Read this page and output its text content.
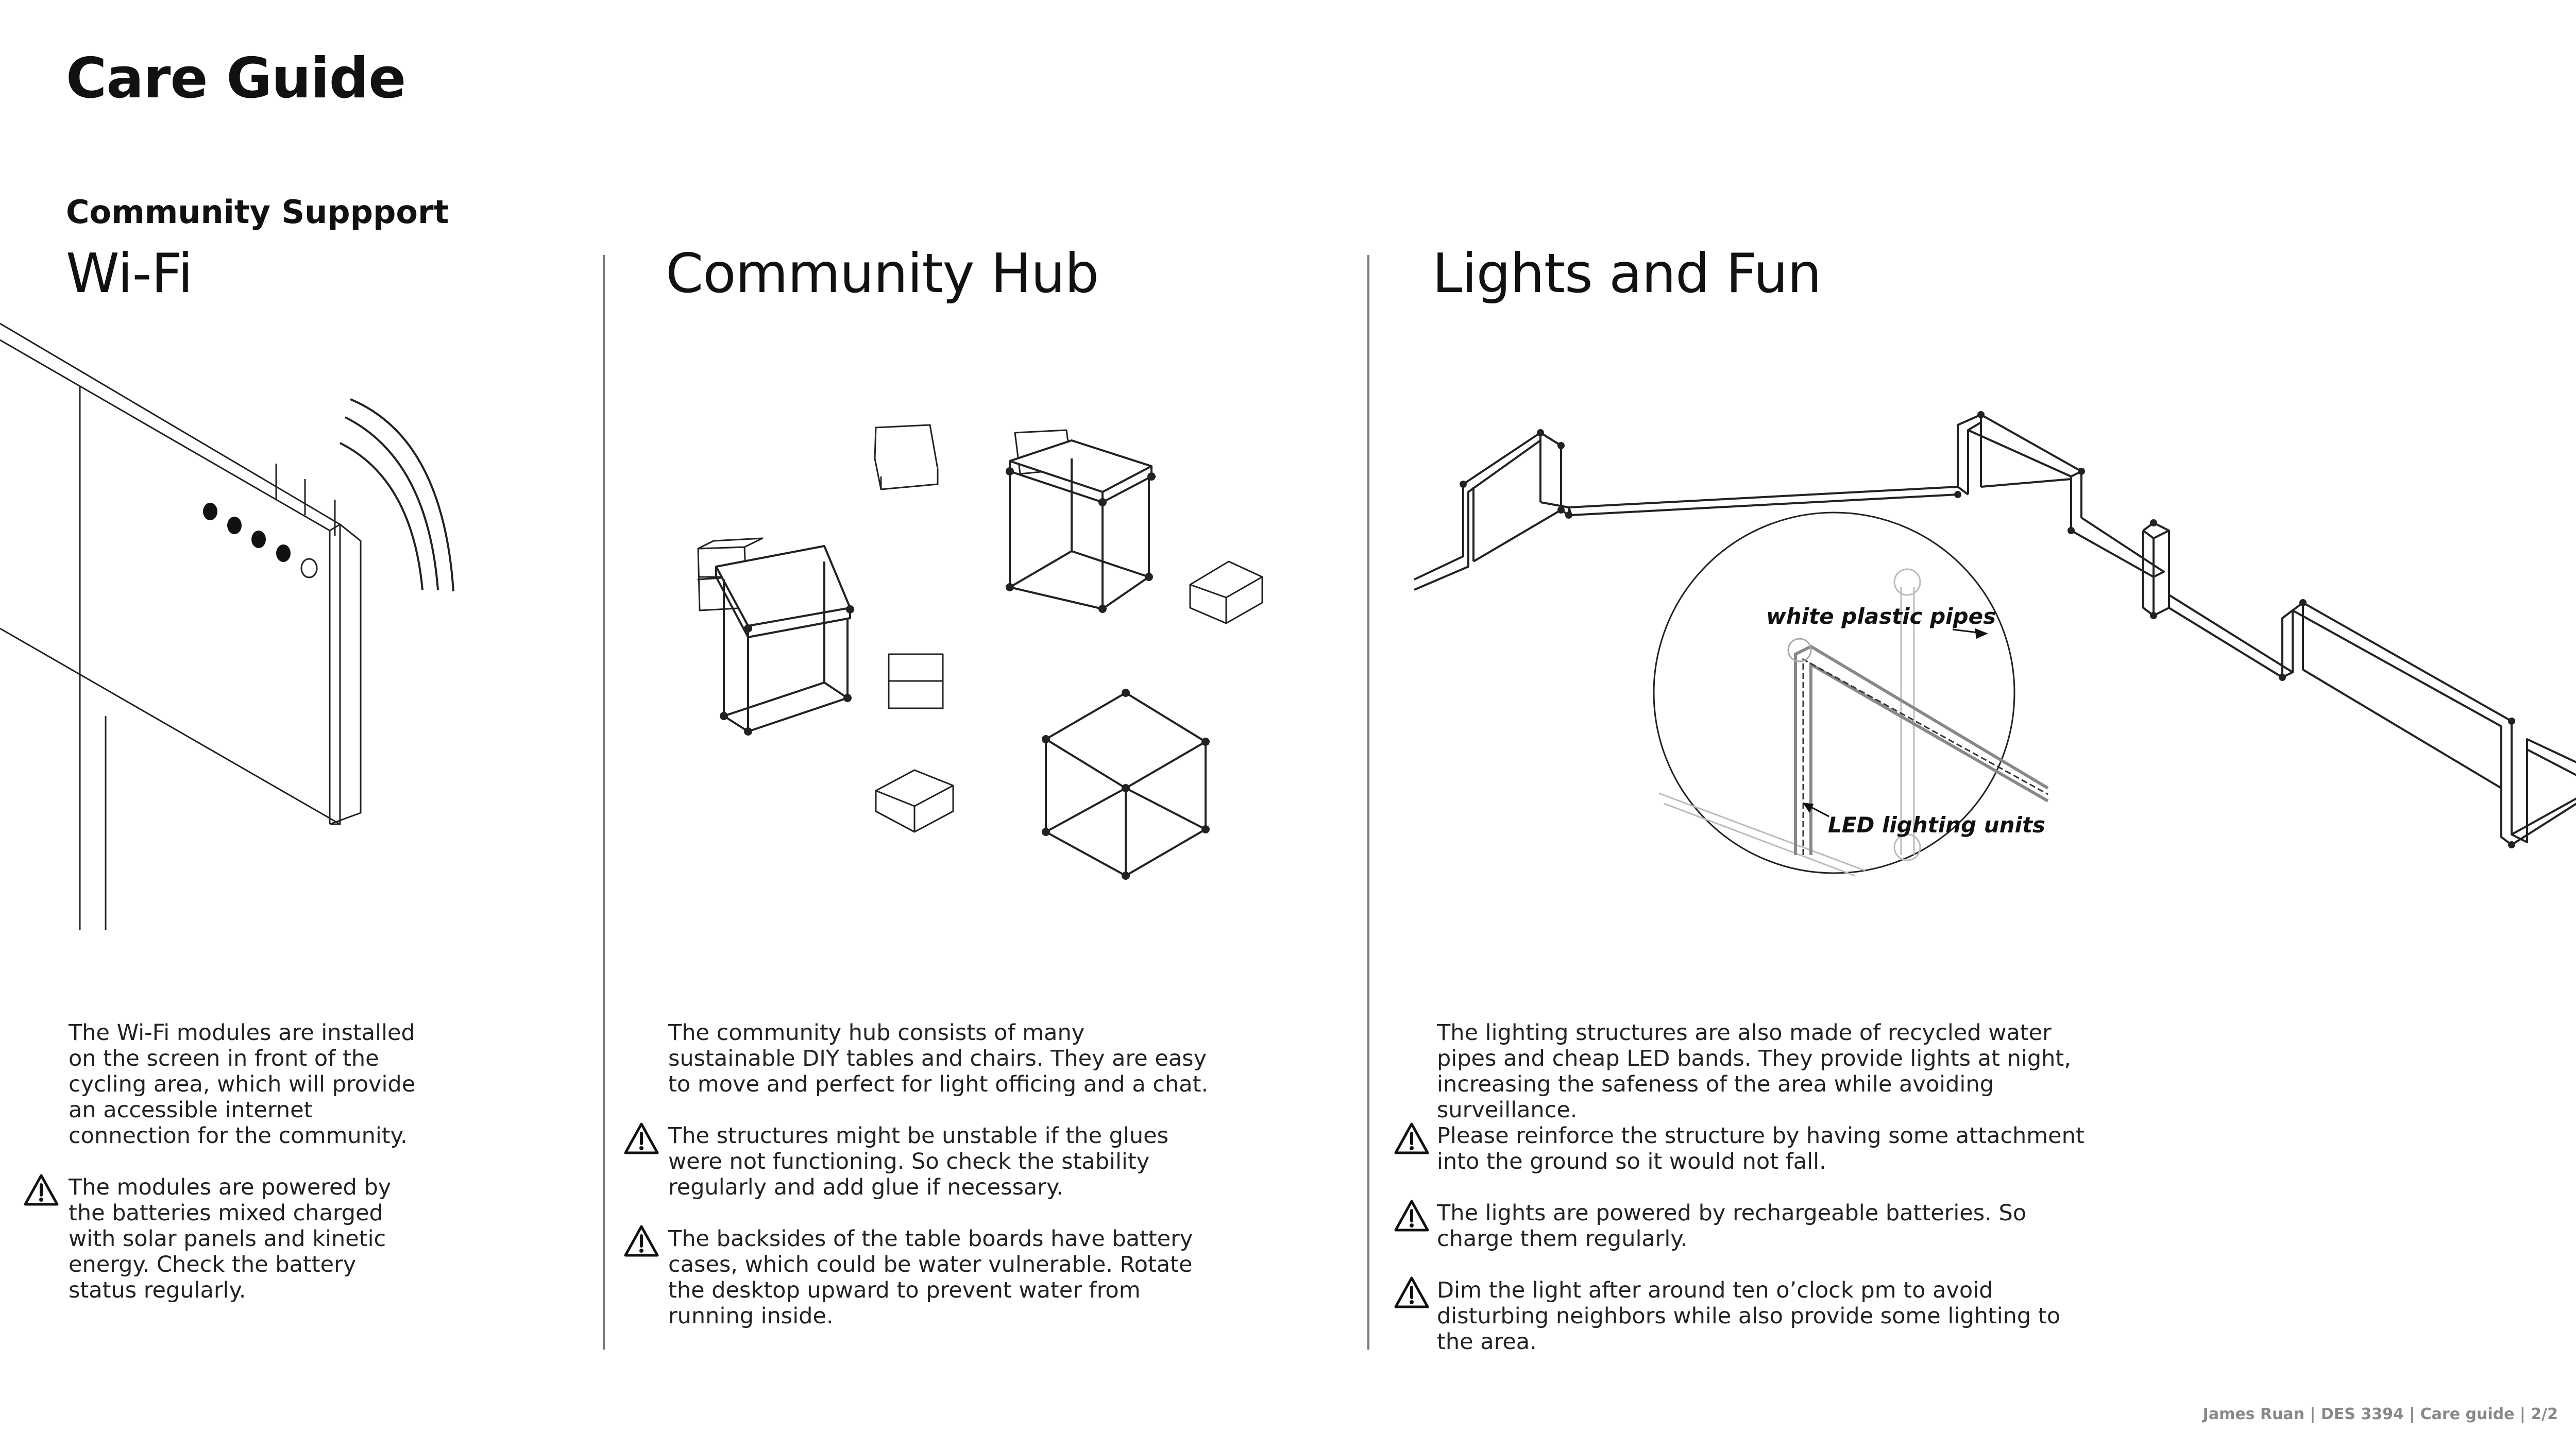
Care Guide
Community Suppport
Wi-Fi	Community Hub	Lights and Fun
white plastic pipes
LED lighting units

The Wi-Fi modules are installed on the screen in front of the cycling area, which will provide an accessible internet connection for the community.

The modules are powered by the batteries mixed charged with solar panels and kinetic energy. Check the battery status regularly.

The community hub consists of many sustainable DIY tables and chairs. They are easy to move and perfect for light officing and a chat.

The structures might be unstable if the glues were not functioning. So check the stability regularly and add glue if necessary.

The backsides of the table boards have battery cases, which could be water vulnerable. Rotate the desktop upward to prevent water from running inside.

The lighting structures are also made of recycled water pipes and cheap LED bands. They provide lights at night, increasing the safeness of the area while avoiding surveillance.

Please reinforce the structure by having some attachment into the ground so it would not fall.

The lights are powered by rechargeable batteries. So charge them regularly.

Dim the light after around ten o’clock pm to avoid disturbing neighbors while also provide some lighting to the area.

James Ruan | DES 3394 | Care guide | 2/2
